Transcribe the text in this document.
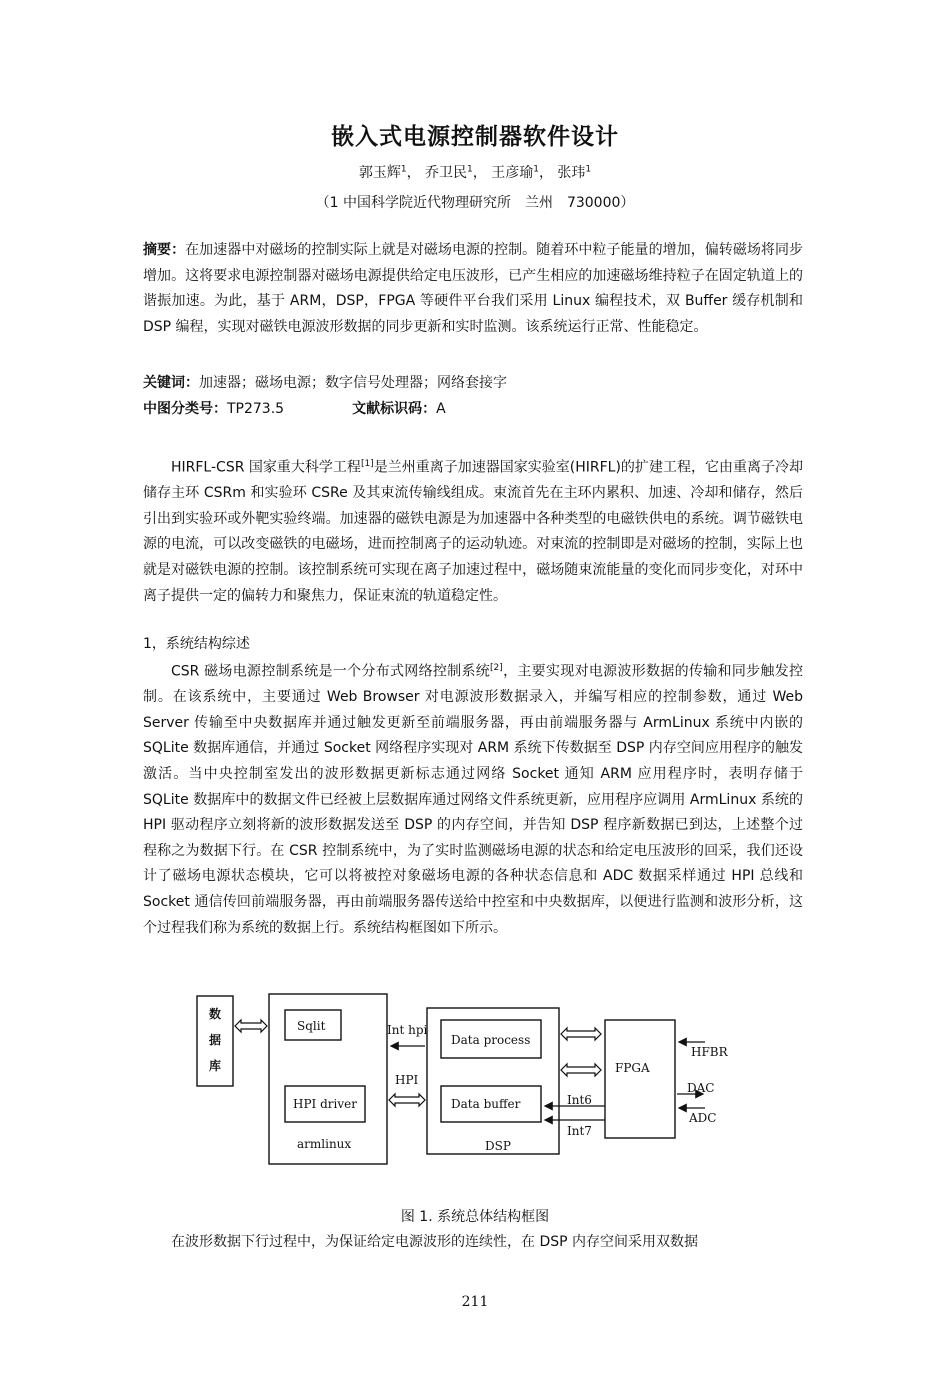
嵌入式电源控制器软件设计
郭玉辉$^1$， 乔卫民$^1$， 王彦瑜$^1$， 张玮$^1$
（1 中国科学院近代物理研究所　兰州　730000）
摘要：在加速器中对磁场的控制实际上就是对磁场电源的控制。随着环中粒子能量的增加，偏转磁场将同步增加。这将要求电源控制器对磁场电源提供给定电压波形，已产生相应的加速磁场维持粒子在固定轨道上的谐振加速。为此，基于 ARM，DSP，FPGA 等硬件平台我们采用 Linux 编程技术，双 Buffer 缓存机制和 DSP 编程，实现对磁铁电源波形数据的同步更新和实时监测。该系统运行正常、性能稳定。
关键词：加速器；磁场电源；数字信号处理器；网络套接字
中图分类号：TP273.5	文献标识码：A
HIRFL-CSR 国家重大科学工程[1]是兰州重离子加速器国家实验室(HIRFL)的扩建工程，它由重离子冷却储存主环 CSRm 和实验环 CSRe 及其束流传输线组成。束流首先在主环内累积、加速、冷却和储存，然后引出到实验环或外靶实验终端。加速器的磁铁电源是为加速器中各种类型的电磁铁供电的系统。调节磁铁电源的电流，可以改变磁铁的电磁场，进而控制离子的运动轨迹。对束流的控制即是对磁场的控制，实际上也就是对磁铁电源的控制。该控制系统可实现在离子加速过程中，磁场随束流能量的变化而同步变化，对环中离子提供一定的偏转力和聚焦力，保证束流的轨道稳定性。
1，系统结构综述
CSR 磁场电源控制系统是一个分布式网络控制系统[2]，主要实现对电源波形数据的传输和同步触发控制。在该系统中，主要通过 Web Browser 对电源波形数据录入，并编写相应的控制参数，通过 Web Server 传输至中央数据库并通过触发更新至前端服务器，再由前端服务器与 ArmLinux 系统中内嵌的 SQLite 数据库通信，并通过 Socket 网络程序实现对 ARM 系统下传数据至 DSP 内存空间应用程序的触发激活。当中央控制室发出的波形数据更新标志通过网络 Socket 通知 ARM 应用程序时，表明存储于 SQLite 数据库中的数据文件已经被上层数据库通过网络文件系统更新，应用程序应调用 ArmLinux 系统的 HPI 驱动程序立刻将新的波形数据发送至 DSP 的内存空间，并告知 DSP 程序新数据已到达，上述整个过程称之为数据下行。在 CSR 控制系统中，为了实时监测磁场电源的状态和给定电压波形的回采，我们还设计了磁场电源状态模块，它可以将被控对象磁场电源的各种状态信息和 ADC 数据采样通过 HPI 总线和 Socket 通信传回前端服务器，再由前端服务器传送给中控室和中央数据库，以便进行监测和波形分析，这个过程我们称为系统的数据上行。系统结构框图如下所示。
数
据
库
Sqlit
HPI driver
armlinux
Int hpi
HPI
Data process
Data buffer
DSP
Int6
Int7
FPGA
HFBR
DAC
ADC
图 1. 系统总体结构框图
在波形数据下行过程中，为保证给定电源波形的连续性，在 DSP 内存空间采用双数据
211
